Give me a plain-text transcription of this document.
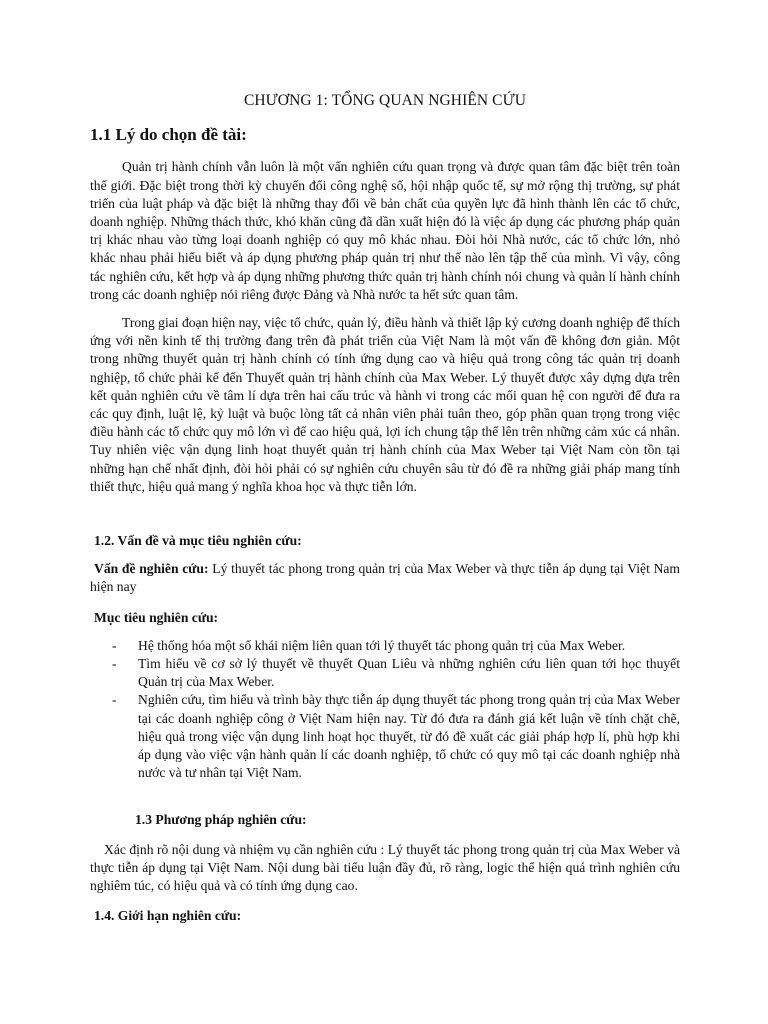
CHƯƠNG 1: TỔNG QUAN NGHIÊN CỨU
1.1 Lý do chọn đề tài:

Quản trị hành chính vẫn luôn là một vấn nghiên cứu quan trọng và được quan tâm đặc biệt trên toàn thế giới. Đặc biệt trong thời kỳ chuyển đổi công nghệ số, hội nhập quốc tế, sự mở rộng thị trường, sự phát triển của luật pháp và đặc biệt là những thay đổi về bản chất của quyền lực đã hình thành lên các tổ chức, doanh nghiệp. Những thách thức, khó khăn cũng đã dần xuất hiện đó là việc áp dụng các phương pháp quản trị khác nhau vào từng loại doanh nghiệp có quy mô khác nhau. Đòi hỏi Nhà nước, các tổ chức lớn, nhỏ khác nhau phải hiểu biết và áp dụng phương pháp quản trị như thế nào lên tập thể của mình. Vì vậy, công tác nghiên cứu, kết hợp và áp dụng những phương thức quản trị hành chính nói chung và quản lí hành chính trong các doanh nghiệp nói riêng được Đảng và Nhà nước ta hết sức quan tâm.

Trong giai đoạn hiện nay, việc tổ chức, quản lý, điều hành và thiết lập kỷ cương doanh nghiệp để thích ứng với nền kinh tế thị trường đang trên đà phát triển của Việt Nam là một vấn đề không đơn giản. Một trong những thuyết quản trị hành chính có tính ứng dụng cao và hiệu quả trong công tác quản trị doanh nghiệp, tổ chức phải kể đến Thuyết quản trị hành chính của Max Weber. Lý thuyết được xây dựng dựa trên kết quản nghiên cứu về tâm lí dựa trên hai cấu trúc và hành vi trong các mối quan hệ con người để đưa ra các quy định, luật lệ, kỷ luật và buộc lòng tất cả nhân viên phải tuân theo, góp phần quan trọng trong việc điều hành các tổ chức quy mô lớn vì để cao hiệu quả, lợi ích chung tập thể lên trên những cảm xúc cá nhân. Tuy nhiên việc vận dụng linh hoạt thuyết quản trị hành chính của Max Weber tại Việt Nam còn tồn tại những hạn chế nhất định, đòi hỏi phải có sự nghiên cứu chuyên sâu từ đó đề ra những giải pháp mang tính thiết thực, hiệu quả mang ý nghĩa khoa học và thực tiễn lớn.

1.2. Vấn đề và mục tiêu nghiên cứu:

Vấn đề nghiên cứu: Lý thuyết tác phong trong quản trị của Max Weber và thực tiễn áp dụng tại Việt Nam hiện nay

Mục tiêu nghiên cứu:
- Hệ thống hóa một số khái niệm liên quan tới lý thuyết tác phong quản trị của Max Weber.
- Tìm hiểu về cơ sở lý thuyết về thuyết Quan Liêu và những nghiên cứu liên quan tới học thuyết Quản trị của Max Weber.
- Nghiên cứu, tìm hiểu và trình bày thực tiễn áp dụng thuyết tác phong trong quản trị của Max Weber tại các doanh nghiệp công ở Việt Nam hiện nay. Từ đó đưa ra đánh giá kết luận về tính chặt chẽ, hiệu quả trong việc vận dụng linh hoạt học thuyết, từ đó đề xuất các giải pháp hợp lí, phù hợp khi áp dụng vào việc vận hành quản lí các doanh nghiệp, tổ chức có quy mô tại các doanh nghiệp nhà nước và tư nhân tại Việt Nam.
1.3 Phương pháp nghiên cứu:

Xác định rõ nội dung và nhiệm vụ cần nghiên cứu : Lý thuyết tác phong trong quản trị của Max Weber và thực tiễn áp dụng tại Việt Nam. Nội dung bài tiểu luận đầy đủ, rõ ràng, logic thể hiện quá trình nghiên cứu nghiêm túc, có hiệu quả và có tính ứng dụng cao.

1.4. Giới hạn nghiên cứu:
